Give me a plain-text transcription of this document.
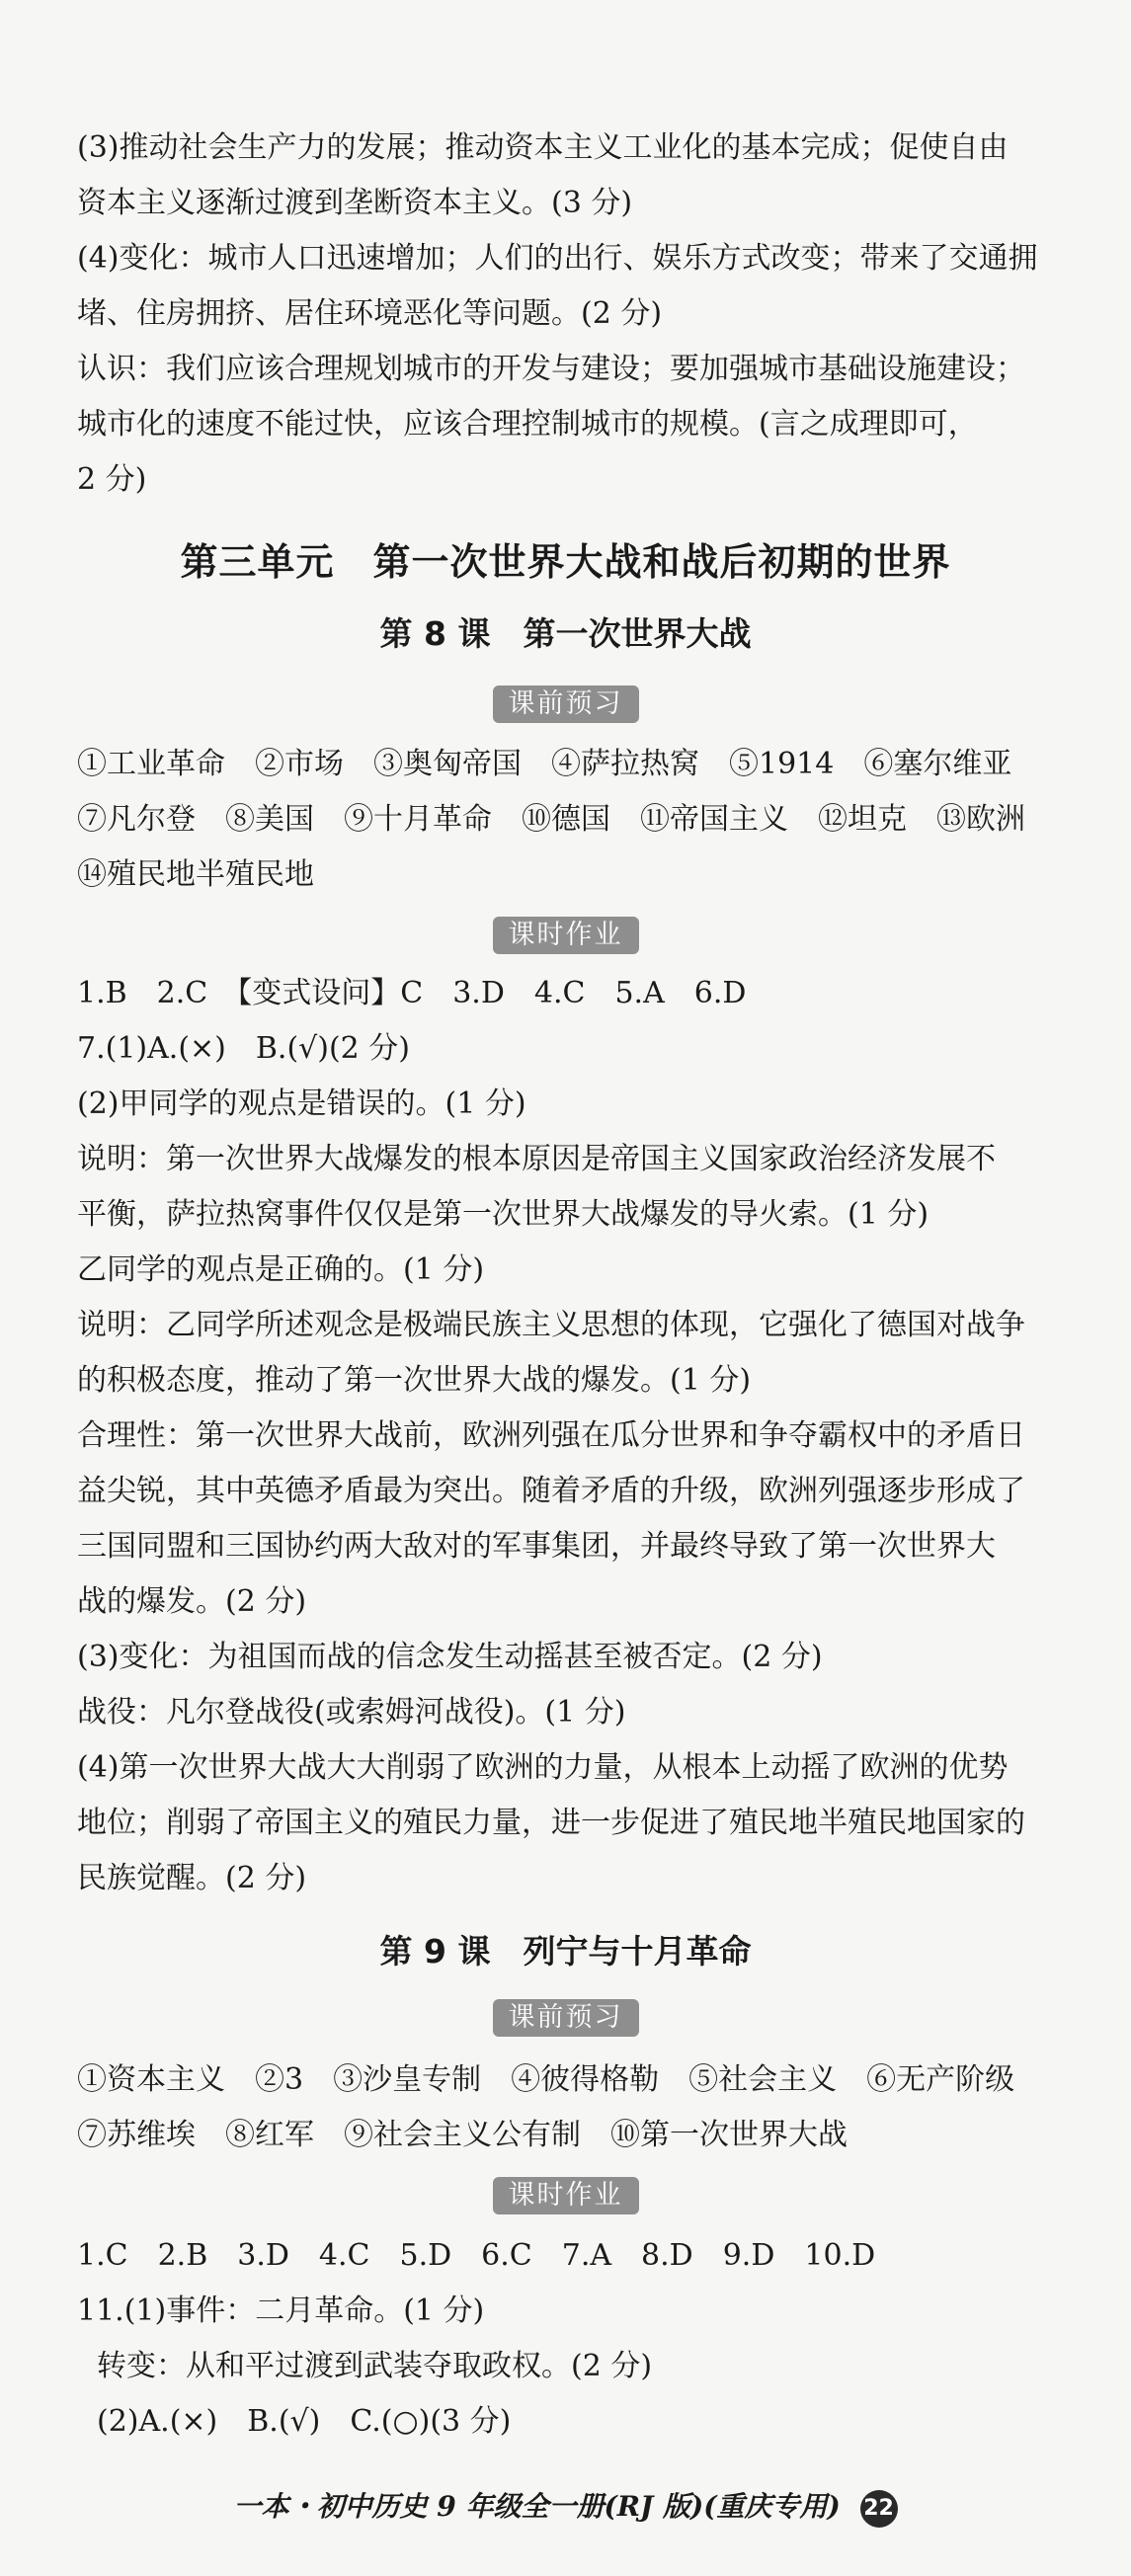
(3)推动社会生产力的发展；推动资本主义工业化的基本完成；促使自由
资本主义逐渐过渡到垄断资本主义。(3 分)
(4)变化：城市人口迅速增加；人们的出行、娱乐方式改变；带来了交通拥
堵、住房拥挤、居住环境恶化等问题。(2 分)
认识：我们应该合理规划城市的开发与建设；要加强城市基础设施建设；
城市化的速度不能过快，应该合理控制城市的规模。(言之成理即可，
2 分)
第三单元　第一次世界大战和战后初期的世界
第 8 课　第一次世界大战
课前预习
①工业革命　②市场　③奥匈帝国　④萨拉热窝　⑤1914　⑥塞尔维亚
⑦凡尔登　⑧美国　⑨十月革命　⑩德国　⑪帝国主义　⑫坦克　⑬欧洲
⑭殖民地半殖民地
课时作业
1.B　2.C　【变式设问】C　3.D　4.C　5.A　6.D
7.(1)A.(×)　B.(√)(2 分)
(2)甲同学的观点是错误的。(1 分)
说明：第一次世界大战爆发的根本原因是帝国主义国家政治经济发展不
平衡，萨拉热窝事件仅仅是第一次世界大战爆发的导火索。(1 分)
乙同学的观点是正确的。(1 分)
说明：乙同学所述观念是极端民族主义思想的体现，它强化了德国对战争
的积极态度，推动了第一次世界大战的爆发。(1 分)
合理性：第一次世界大战前，欧洲列强在瓜分世界和争夺霸权中的矛盾日
益尖锐，其中英德矛盾最为突出。随着矛盾的升级，欧洲列强逐步形成了
三国同盟和三国协约两大敌对的军事集团，并最终导致了第一次世界大
战的爆发。(2 分)
(3)变化：为祖国而战的信念发生动摇甚至被否定。(2 分)
战役：凡尔登战役(或索姆河战役)。(1 分)
(4)第一次世界大战大大削弱了欧洲的力量，从根本上动摇了欧洲的优势
地位；削弱了帝国主义的殖民力量，进一步促进了殖民地半殖民地国家的
民族觉醒。(2 分)
第 9 课　列宁与十月革命
课前预习
①资本主义　②3　③沙皇专制　④彼得格勒　⑤社会主义　⑥无产阶级
⑦苏维埃　⑧红军　⑨社会主义公有制　⑩第一次世界大战
课时作业
1.C　2.B　3.D　4.C　5.D　6.C　7.A　8.D　9.D　10.D
11.(1)事件：二月革命。(1 分)
转变：从和平过渡到武装夺取政权。(2 分)
(2)A.(×)　B.(√)　C.(○)(3 分)
一本・初中历史 9 年级全一册(RJ 版)(重庆专用) 22
